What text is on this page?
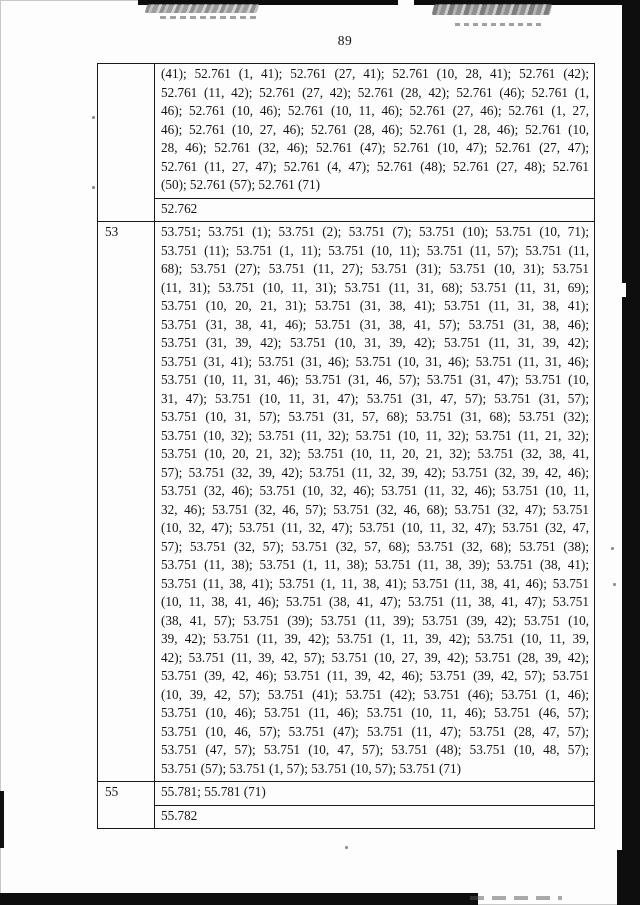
89
(41); 52.761 (1, 41); 52.761 (27, 41); 52.761 (10, 28, 41); 52.761 (42);
52.761 (11, 42); 52.761 (27, 42); 52.761 (28, 42); 52.761 (46); 52.761 (1,
46); 52.761 (10, 46); 52.761 (10, 11, 46); 52.761 (27, 46); 52.761 (1, 27,
46); 52.761 (10, 27, 46); 52.761 (28, 46); 52.761 (1, 28, 46); 52.761 (10,
28, 46); 52.761 (32, 46); 52.761 (47); 52.761 (10, 47); 52.761 (27, 47);
52.761 (11, 27, 47); 52.761 (4, 47); 52.761 (48); 52.761 (27, 48); 52.761
(50); 52.761 (57); 52.761 (71)
52.762
53	53.751; 53.751 (1); 53.751 (2); 53.751 (7); 53.751 (10); 53.751 (10, 71);
53.751 (11); 53.751 (1, 11); 53.751 (10, 11); 53.751 (11, 57); 53.751 (11,
68); 53.751 (27); 53.751 (11, 27); 53.751 (31); 53.751 (10, 31); 53.751
(11, 31); 53.751 (10, 11, 31); 53.751 (11, 31, 68); 53.751 (11, 31, 69);
53.751 (10, 20, 21, 31); 53.751 (31, 38, 41); 53.751 (11, 31, 38, 41);
53.751 (31, 38, 41, 46); 53.751 (31, 38, 41, 57); 53.751 (31, 38, 46);
53.751 (31, 39, 42); 53.751 (10, 31, 39, 42); 53.751 (11, 31, 39, 42);
53.751 (31, 41); 53.751 (31, 46); 53.751 (10, 31, 46); 53.751 (11, 31, 46);
53.751 (10, 11, 31, 46); 53.751 (31, 46, 57); 53.751 (31, 47); 53.751 (10,
31, 47); 53.751 (10, 11, 31, 47); 53.751 (31, 47, 57); 53.751 (31, 57);
53.751 (10, 31, 57); 53.751 (31, 57, 68); 53.751 (31, 68); 53.751 (32);
53.751 (10, 32); 53.751 (11, 32); 53.751 (10, 11, 32); 53.751 (11, 21, 32);
53.751 (10, 20, 21, 32); 53.751 (10, 11, 20, 21, 32); 53.751 (32, 38, 41,
57); 53.751 (32, 39, 42); 53.751 (11, 32, 39, 42); 53.751 (32, 39, 42, 46);
53.751 (32, 46); 53.751 (10, 32, 46); 53.751 (11, 32, 46); 53.751 (10, 11,
32, 46); 53.751 (32, 46, 57); 53.751 (32, 46, 68); 53.751 (32, 47); 53.751
(10, 32, 47); 53.751 (11, 32, 47); 53.751 (10, 11, 32, 47); 53.751 (32, 47,
57); 53.751 (32, 57); 53.751 (32, 57, 68); 53.751 (32, 68); 53.751 (38);
53.751 (11, 38); 53.751 (1, 11, 38); 53.751 (11, 38, 39); 53.751 (38, 41);
53.751 (11, 38, 41); 53.751 (1, 11, 38, 41); 53.751 (11, 38, 41, 46); 53.751
(10, 11, 38, 41, 46); 53.751 (38, 41, 47); 53.751 (11, 38, 41, 47); 53.751
(38, 41, 57); 53.751 (39); 53.751 (11, 39); 53.751 (39, 42); 53.751 (10,
39, 42); 53.751 (11, 39, 42); 53.751 (1, 11, 39, 42); 53.751 (10, 11, 39,
42); 53.751 (11, 39, 42, 57); 53.751 (10, 27, 39, 42); 53.751 (28, 39, 42);
53.751 (39, 42, 46); 53.751 (11, 39, 42, 46); 53.751 (39, 42, 57); 53.751
(10, 39, 42, 57); 53.751 (41); 53.751 (42); 53.751 (46); 53.751 (1, 46);
53.751 (10, 46); 53.751 (11, 46); 53.751 (10, 11, 46); 53.751 (46, 57);
53.751 (10, 46, 57); 53.751 (47); 53.751 (11, 47); 53.751 (28, 47, 57);
53.751 (47, 57); 53.751 (10, 47, 57); 53.751 (48); 53.751 (10, 48, 57);
53.751 (57); 53.751 (1, 57); 53.751 (10, 57); 53.751 (71)
55	55.781; 55.781 (71)
55.782
